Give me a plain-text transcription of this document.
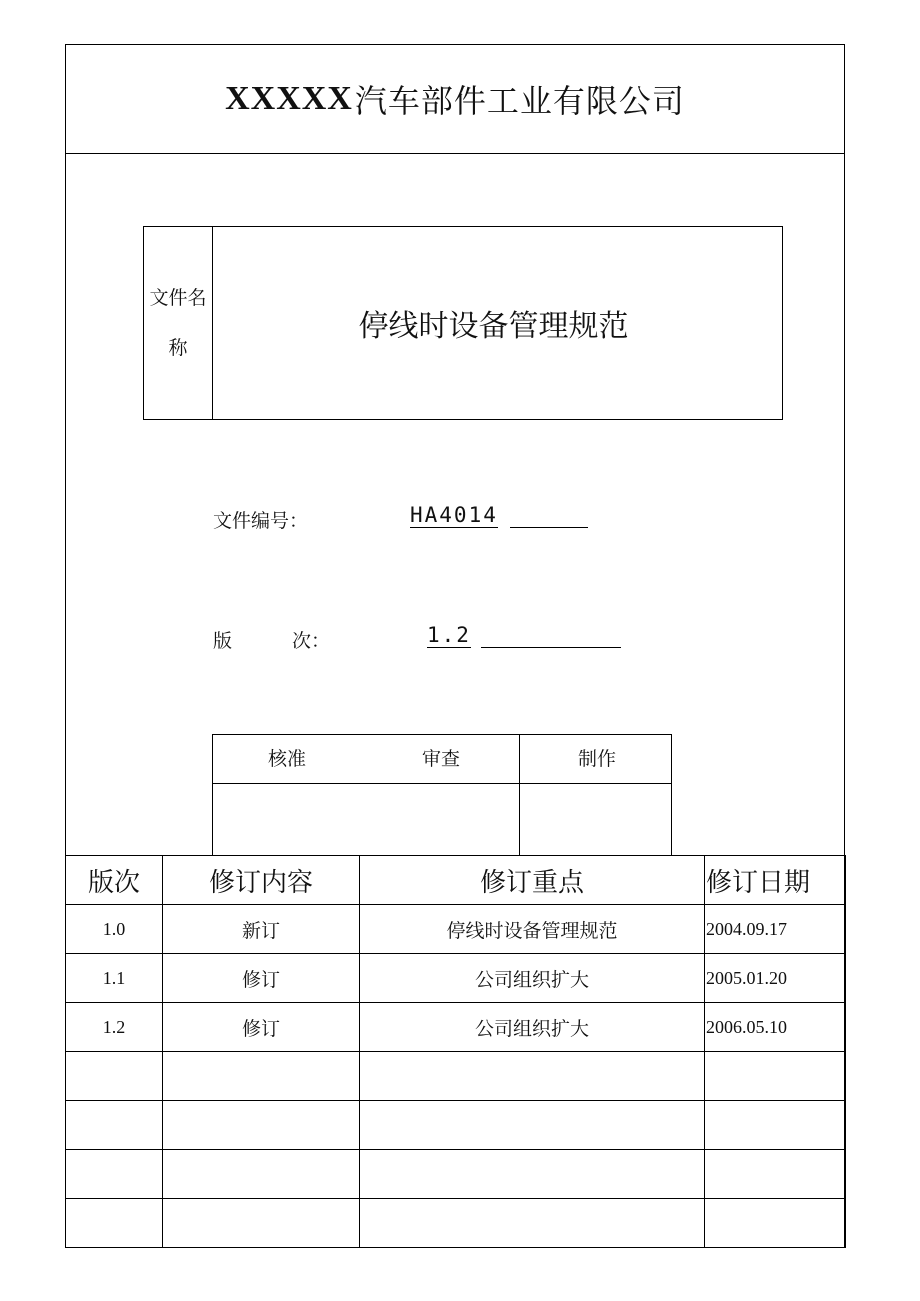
XXXXX 汽车部件工业有限公司
文件名称
停线时设备管理规范
文件编号：	HA4014
版	次：	1.2
核准	审查	制作
版次	修订内容	修订重点	修订日期
1.0	新订	停线时设备管理规范	2004.09.17
1.1	修订	公司组织扩大	2005.01.20
1.2	修订	公司组织扩大	2006.05.10
